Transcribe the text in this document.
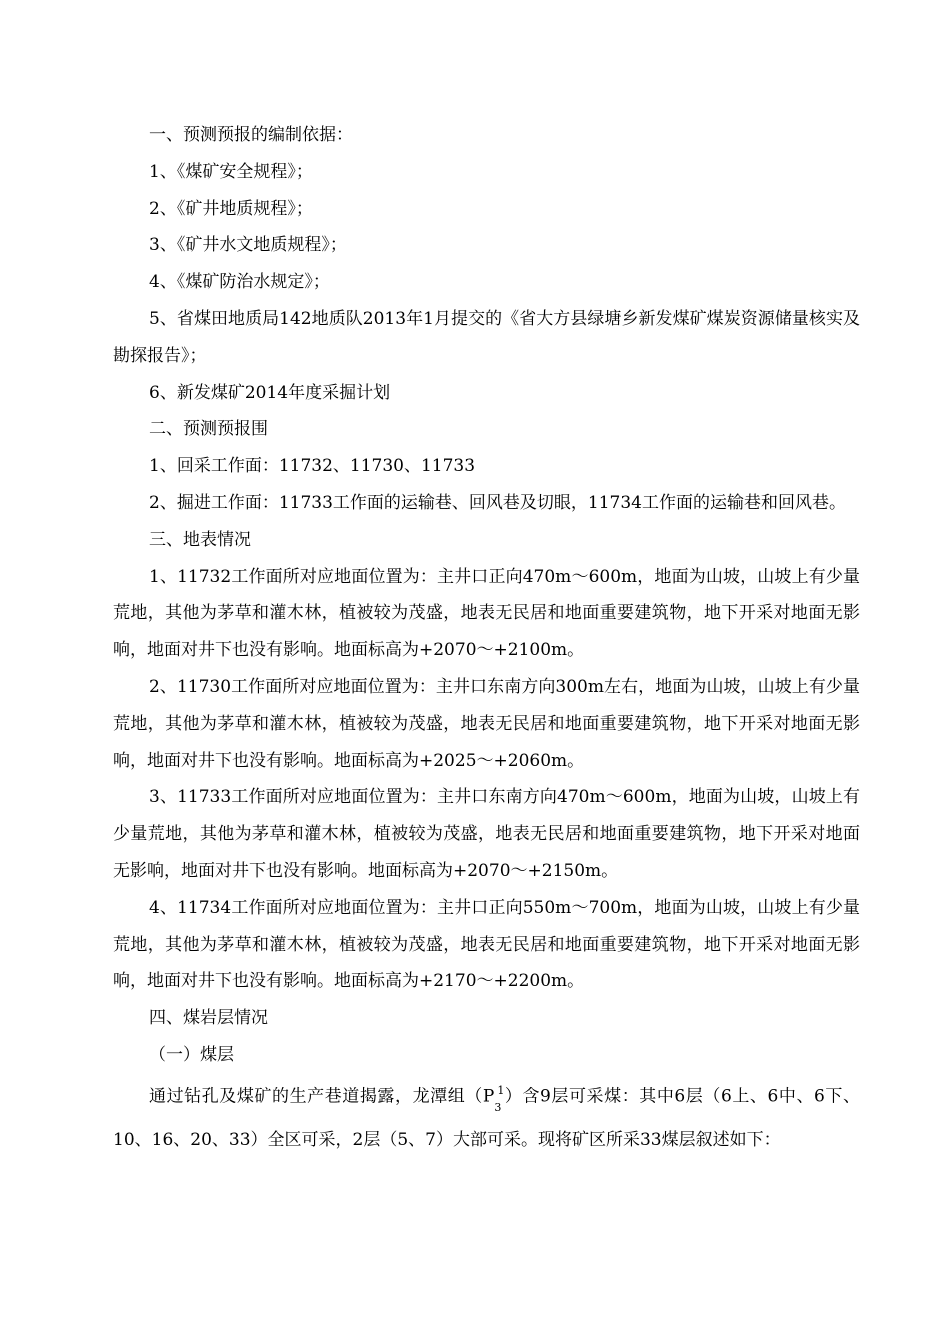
一、预测预报的编制依据：

1、《煤矿安全规程》；

2、《矿井地质规程》；

3、《矿井水文地质规程》；

4、《煤矿防治水规定》；

5、省煤田地质局142地质队2013年1月提交的《省大方县绿塘乡新发煤矿煤炭资源储量核实及勘探报告》；

6、新发煤矿2014年度采掘计划

二、预测预报围

1、回采工作面：11732、11730、11733

2、掘进工作面：11733工作面的运输巷、回风巷及切眼，11734工作面的运输巷和回风巷。

三、地表情况

1、11732工作面所对应地面位置为：主井口正向470m～600m，地面为山坡，山坡上有少量荒地，其他为茅草和灌木林，植被较为茂盛，地表无民居和地面重要建筑物，地下开采对地面无影响，地面对井下也没有影响。地面标高为+2070～+2100m。

2、11730工作面所对应地面位置为：主井口东南方向300m左右，地面为山坡，山坡上有少量荒地，其他为茅草和灌木林，植被较为茂盛，地表无民居和地面重要建筑物，地下开采对地面无影响，地面对井下也没有影响。地面标高为+2025～+2060m。

3、11733工作面所对应地面位置为：主井口东南方向470m～600m，地面为山坡，山坡上有少量荒地，其他为茅草和灌木林，植被较为茂盛，地表无民居和地面重要建筑物，地下开采对地面无影响，地面对井下也没有影响。地面标高为+2070～+2150m。

4、11734工作面所对应地面位置为：主井口正向550m～700m，地面为山坡，山坡上有少量荒地，其他为茅草和灌木林，植被较为茂盛，地表无民居和地面重要建筑物，地下开采对地面无影响，地面对井下也没有影响。地面标高为+2170～+2200m。

四、煤岩层情况

（一）煤层

通过钻孔及煤矿的生产巷道揭露，龙潭组$(P_3^1)$含9层可采煤：其中6层（6上、6中、6下、10、16、20、33）全区可采，2层（5、7）大部可采。现将矿区所采33煤层叙述如下：
